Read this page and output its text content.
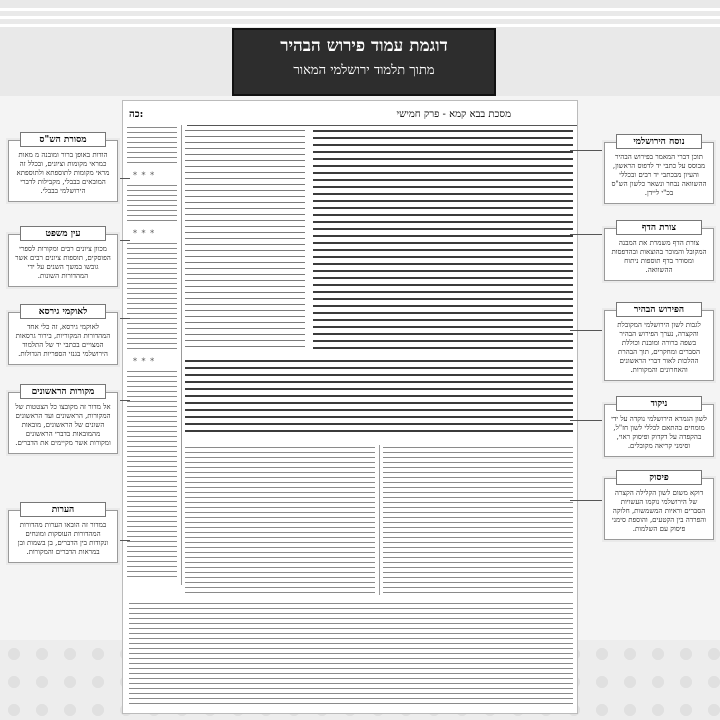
דוגמת עמוד פירוש הבהיר
מתוך תלמוד ירושלמי המאור
כה:	מסכת בבא קמא - פרק חמישי
* * *
* * *
* * *
מסורת הש"ס
הודות באופן ברור ומובנה מ מאות כמראי מקומות וציונים, ובכלל זה מראי מקומות לתוספתא ולתוספתא המובאים בבבלי, מקבילות לדברי הירושלמי בבבלי.
עין משפט
מכוון ציונים רבים ומקורות לספרי הפוסקים, תוספות ציונים רבים אשר גובשו במשך השנים על ידי המהדורות השונות.
לאוקמי גירסא
לאוקמי גירסא, זה כלי אחד המהדורות המקוריות, בירור גרסאות המצויים בכתבי יד של התלמוד הירושלמי בגנזי הספריות הגדולות.
מקורות הראשונים
אל מדור זה מקובצו כל הצטטות של המקורות, הראשונים ועד הראשונים השונים של הראשונים, מובאות מהמובאות בדברי הראשונים ומקורות אשר מקיימים את הדברים.
הערות
במדור זה הובאו הערות מהדורות המהדורות העוסקות ומונחים ונקודות בין הדברים, בן בשמות ובן במראות הדברים והמקורות.
נוסח הירושלמי
תוכן דברי המאמר בפירוש הבהיר מבוסס על כתבי יד לדפוס הראשון, והעיון מבכתבי יד רבים ובכללי ההשוואה נבחר ונשאר כלשון הש"ס בכ"י ליידן.
צורת הדף
צורת הדף משמרת את המבנה המקובל והמוכר בהוצאות ובהדפסות ומסודר בדף תוספות ניתוח ההשוואה.
הפירוש הבהיר
לגבות לשון הירושלמי המקובלת והקצרה, נערך הפירוש הבהיר בשפה ברורה ומובנת וכוללת הסברים ומחקרים, תוך הבהרת ההלכות לאור דברי הראשונים והאחרונים והמקורות.
ניקוד
לשון הגמרא הירושלמי נוקדה על ידי מומחים בהתאם לכללי לשון חז"ל, בהקפדה על דקדוק ופיסוק ראוי, וסימני קריאה מקובלים.
פיסוק
דוקא משום לשון הקלילה הקצרה של הירושלמי נוקמו העשויות הסברים וראיות המשמשות, חלוקה והפרדה בין הקטעים, והוספת סימני פיסוק עם השלמות.
